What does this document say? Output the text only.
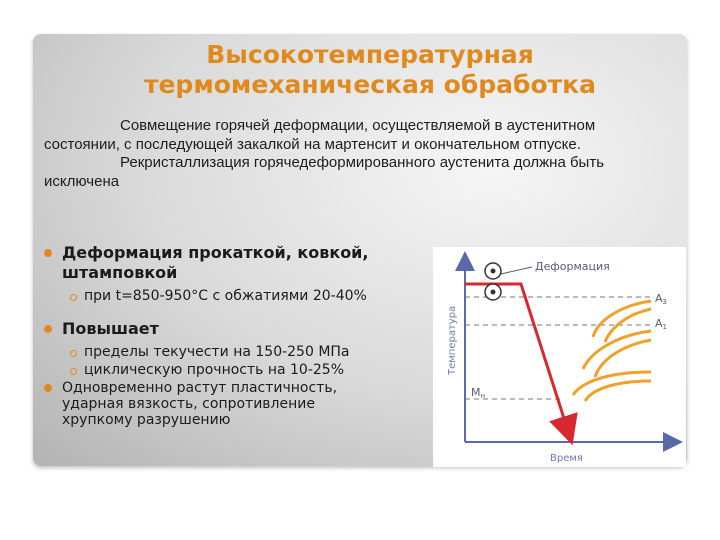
Высокотемпературная
термомеханическая обработка

Совмещение горячей деформации, осуществляемой в аустенитном состоянии, с последующей закалкой на мартенсит и окончательном отпуске.

Рекристаллизация горячедеформированного аустенита должна быть исключена

Деформация прокаткой, ковкой,
штамповкой
при t=850-950°С с обжатиями 20-40%
Повышает
пределы текучести на 150-250 МПа
циклическую прочность на 10-25%
Одновременно растут пластичность,
ударная вязкость, сопротивление
хрупкому разрушению
Температура
Время
Деформация
A3
A1
Mн
